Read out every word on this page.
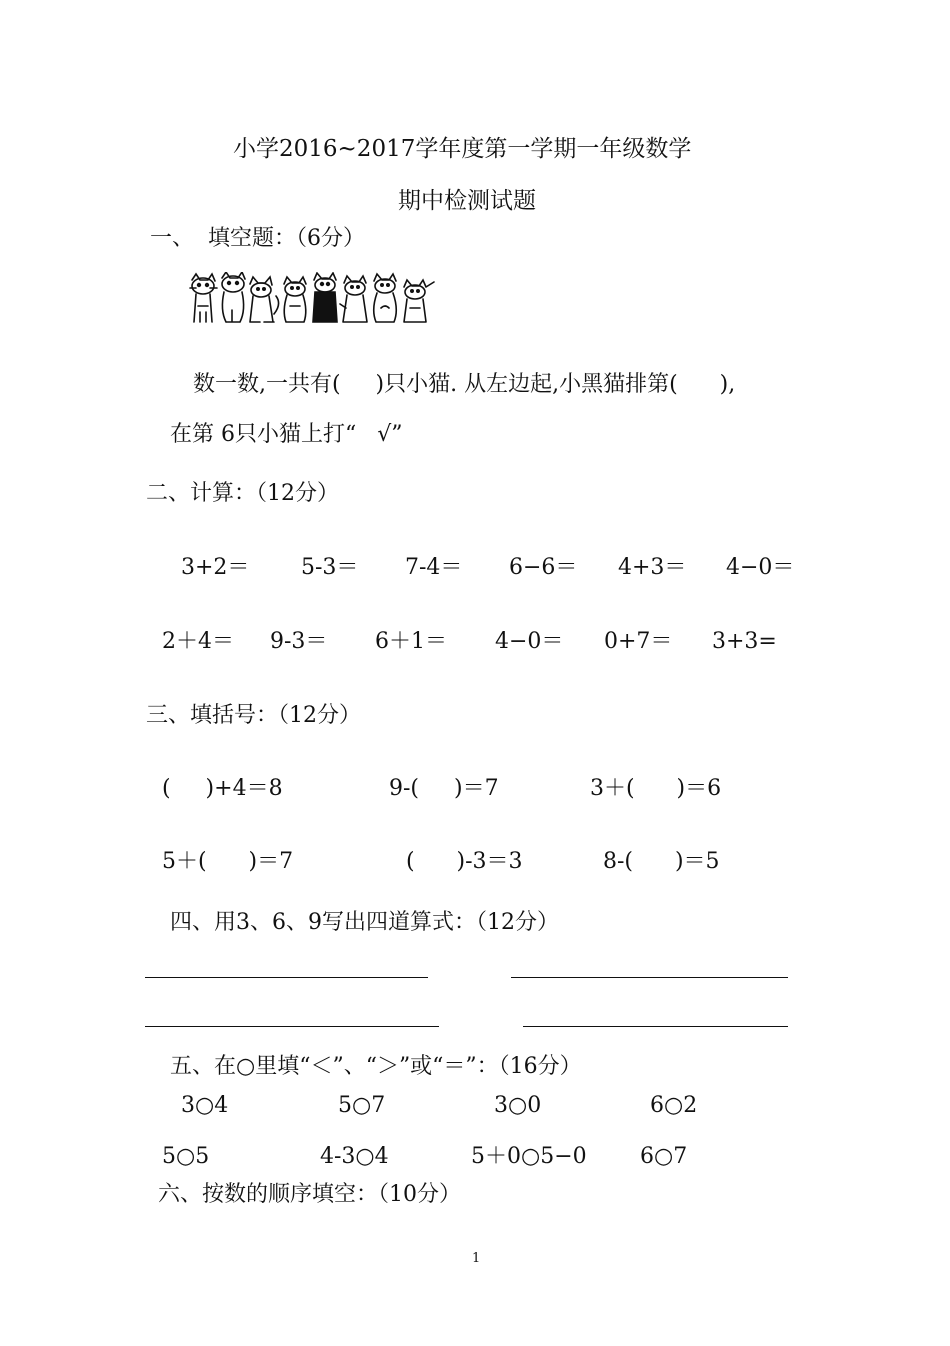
小学2016~2017学年度第一学期一年级数学
期中检测试题
一、  填空题：（6分）
数一数,一共有(     )只小猫. 从左边起,小黑猫排第(      ),
在第 6只小猫上打“   √”
二、计算：（12分）
3+2＝ 5-3＝ 7-4＝ 6−6＝ 4+3＝ 4−0＝
2＋4＝ 9-3＝ 6＋1＝ 4−0＝ 0+7＝ 3+3=
三、填括号：（12分）
(     )+4＝8	9-(     )＝7	3＋(      )＝6
5＋(      )＝7	(      )-3＝3	8-(      )＝5
四、用3、6、9写出四道算式：（12分）
五、在○里填“＜”、“＞”或“＝”：（16分）
3○4	5○7	3○0	6○2
5○5	4-3○4	5＋0○5−0 6○7
六、按数的顺序填空：（10分）
1
